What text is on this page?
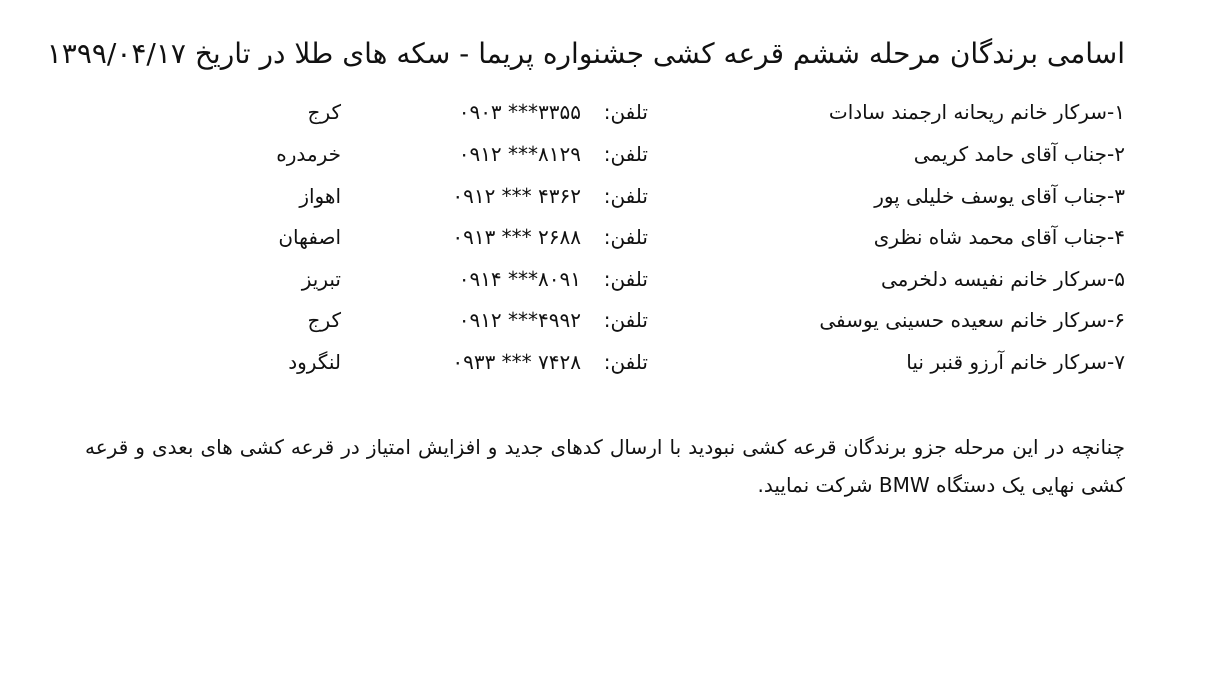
اسامی برندگان مرحله ششم قرعه کشی جشنواره پریما - سکه های طلا در تاریخ ۱۳۹۹/۰۴/۱۷
۱-سرکار خانم ریحانه ارجمند سادات
تلفن:
۰۹۰۳ ***۳۳۵۵
کرج
۲-جناب آقای حامد کریمی
تلفن:
۰۹۱۲ ***۸۱۲۹
خرمدره
۳-جناب آقای یوسف خلیلی پور
تلفن:
۰۹۱۲ *** ۴۳۶۲
اهواز
۴-جناب آقای محمد شاه نظری
تلفن:
۰۹۱۳ *** ۲۶۸۸
اصفهان
۵-سرکار خانم نفیسه دلخرمی
تلفن:
۰۹۱۴ ***۸۰۹۱
تبریز
۶-سرکار خانم سعیده حسینی یوسفی
تلفن:
۰۹۱۲ ***۴۹۹۲
کرج
۷-سرکار خانم آرزو قنبر نیا
تلفن:
۰۹۳۳ *** ۷۴۲۸
لنگرود
چنانچه در این مرحله جزو برندگان قرعه کشی نبودید با ارسال کدهای جدید و افزایش امتیاز در قرعه کشی های بعدی و قرعه کشی نهایی یک دستگاه BMW شرکت نمایید.
